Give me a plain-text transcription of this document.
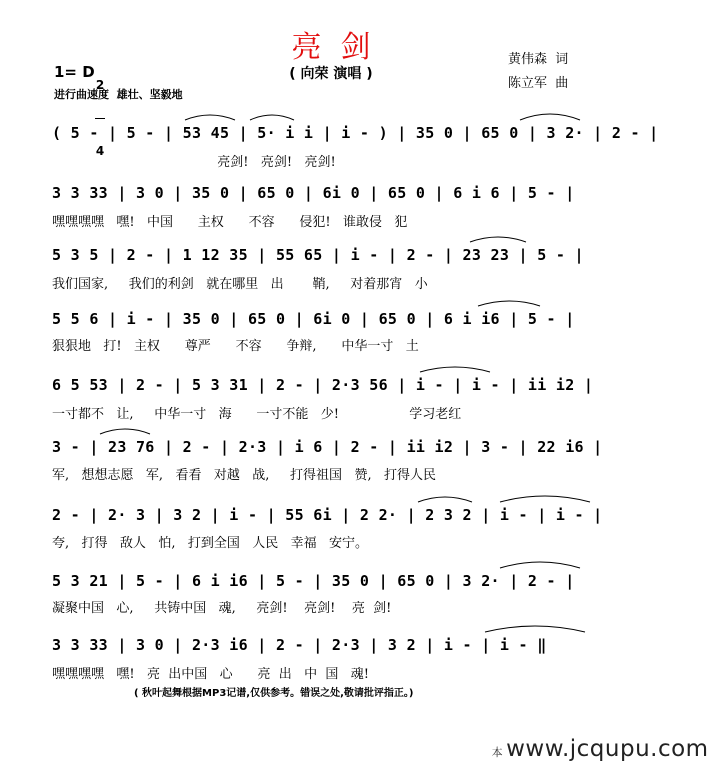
亮  剑
( 向荣 演唱 )
黄伟森  词
陈立军  曲
1= D

2

4

进行曲速度  雄壮、坚毅地
( 5 - | 5 - | 53 45 | 5· i i | i - ) | 35 0 | 65 0 | 3 2· | 2 - |
亮剑!   亮剑!   亮剑!
3 3 33 | 3 0 | 35 0 | 65 0 | 6i 0 | 65 0 | 6 i 6 | 5 - |
嘿嘿嘿嘿   嘿!   中国      主权      不容      侵犯!   谁敢侵   犯
5 3 5 | 2 - | 1 12 35 | 55 65 | i - | 2 - | 23 23 | 5 - |
我们国家,     我们的利剑   就在哪里   出       鞘,     对着那宵   小
5 5 6 | i - | 35 0 | 65 0 | 6i 0 | 65 0 | 6 i i6 | 5 - |
狠狠地   打!   主权      尊严      不容      争辩,      中华一寸   土
6 5 53 | 2 - | 5 3 31 | 2 - | 2·3 56 | i - | i - | ii i2 |
一寸都不   让,     中华一寸   海      一寸不能   少!                 学习老红
3 - | 23 76 | 2 - | 2·3 | i 6 | 2 - | ii i2 | 3 - | 22 i6 |
军,   想想志愿   军,   看看   对越   战,     打得祖国   赞,   打得人民
2 - | 2· 3 | 3 2 | i - | 55 6i | 2 2· | 2 3 2 | i - | i - |
夸,   打得   敌人   怕,   打到全国   人民   幸福   安宁。
5 3 21 | 5 - | 6 i i6 | 5 - | 35 0 | 65 0 | 3 2· | 2 - |
凝聚中国   心,     共铸中国   魂,     亮剑!    亮剑!    亮  剑!
3 3 33 | 3 0 | 2·3 i6 | 2 - | 2·3 | 3 2 | i - | i - ‖
嘿嘿嘿嘿   嘿!   亮  出中国   心      亮  出   中  国   魂!
( 秋叶起舞根据MP3记谱,仅供参考。错误之处,敬请批评指正。)

本 www.jcqupu.com
